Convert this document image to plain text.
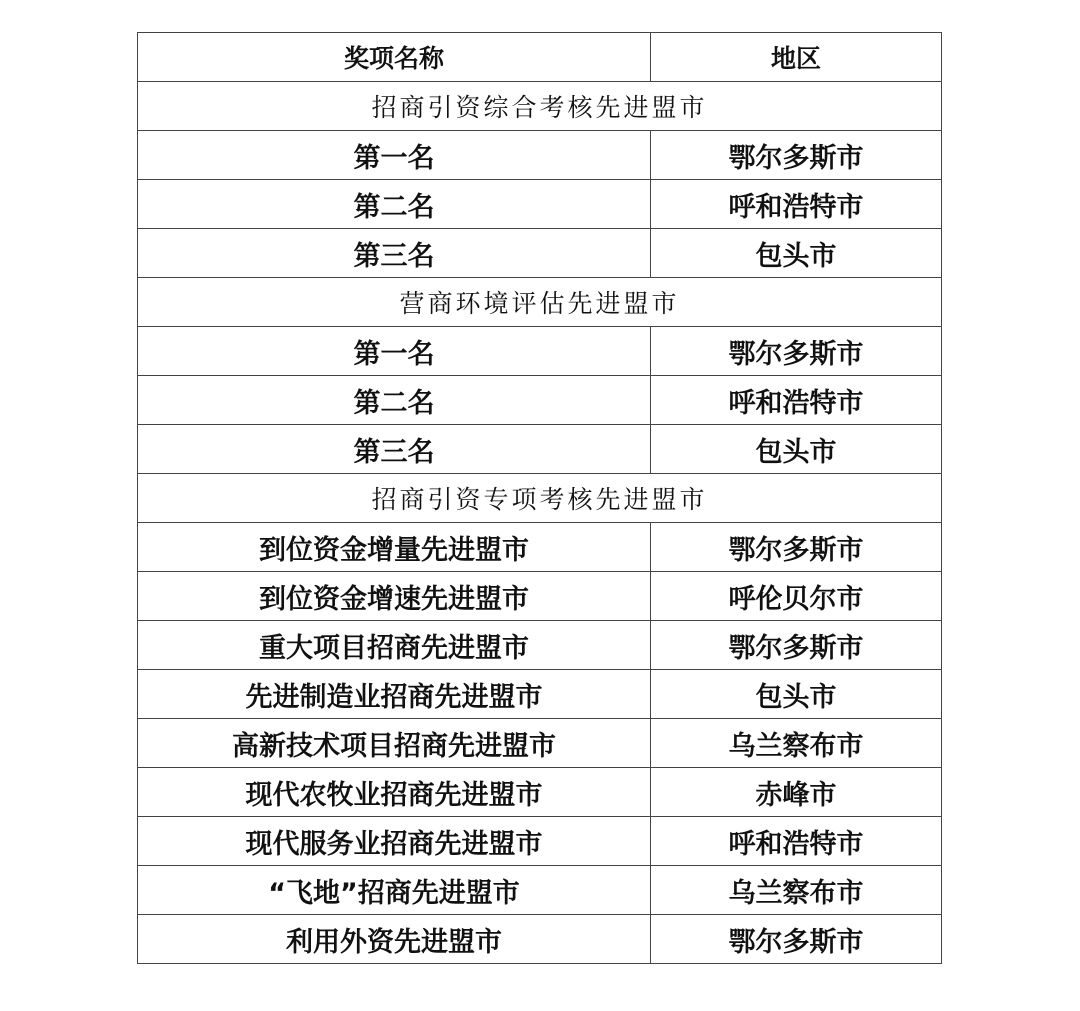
奖项名称	地区
招商引资综合考核先进盟市	
第一名	鄂尔多斯市
第二名	呼和浩特市
第三名	包头市
营商环境评估先进盟市	
第一名	鄂尔多斯市
第二名	呼和浩特市
第三名	包头市
招商引资专项考核先进盟市	
到位资金增量先进盟市	鄂尔多斯市
到位资金增速先进盟市	呼伦贝尔市
重大项目招商先进盟市	鄂尔多斯市
先进制造业招商先进盟市	包头市
高新技术项目招商先进盟市	乌兰察布市
现代农牧业招商先进盟市	赤峰市
现代服务业招商先进盟市	呼和浩特市
“飞地”招商先进盟市	乌兰察布市
利用外资先进盟市	鄂尔多斯市
